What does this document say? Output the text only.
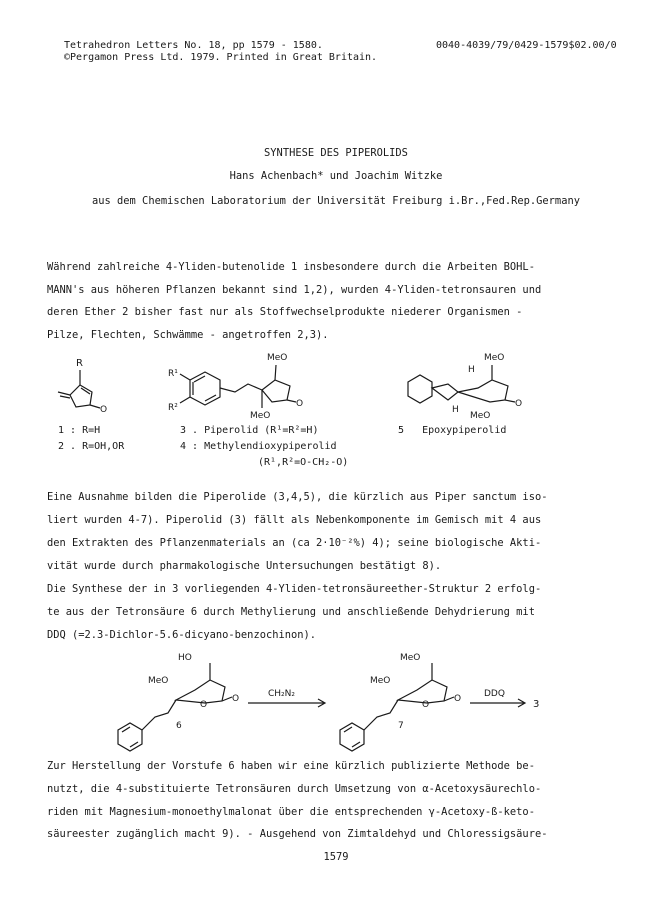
Tetrahedron Letters No. 18, pp 1579 - 1580.	0040-4039/79/0429-1579$02.00/0
©Pergamon Press Ltd. 1979. Printed in Great Britain.
SYNTHESE DES PIPEROLIDS
Hans Achenbach* und Joachim Witzke
aus dem Chemischen Laboratorium der Universität Freiburg i.Br.,Fed.Rep.Germany
Während zahlreiche 4-Yliden-butenolide 1 insbesondere durch die Arbeiten BOHL-
MANN's aus höheren Pflanzen bekannt sind 1,2), wurden 4-Yliden-tetronsauren und
deren Ether 2 bisher fast nur als Stoffwechselprodukte niederer Organismen -
Pilze, Flechten, Schwämme - angetroffen 2,3).
R
O
R¹
R²
MeO
MeO
O
MeO
MeO
H
H
O
1 : R=H
2 . R=OH,OR
3 . Piperolid (R¹=R²=H)
4 : Methylendioxypiperolid
(R¹,R²=O-CH₂-O)
5   Epoxypiperolid
Eine Ausnahme bilden die Piperolide (3,4,5), die kürzlich aus Piper sanctum iso-
liert wurden 4-7). Piperolid (3) fällt als Nebenkomponente im Gemisch mit 4 aus
den Extrakten des Pflanzenmaterials an (ca 2·10⁻²%) 4); seine biologische Akti-
vität wurde durch pharmakologische Untersuchungen bestätigt 8).
Die Synthese der in 3 vorliegenden 4-Yliden-tetronsäureether-Struktur 2 erfolg-
te aus der Tetronsäure 6 durch Methylierung und anschließende Dehydrierung mit
DDQ (=2.3-Dichlor-5.6-dicyano-benzochinon).
HO
MeO
O
O
6
CH₂N₂
MeO
MeO
O
O
7
DDQ
3
Zur Herstellung der Vorstufe 6 haben wir eine kürzlich publizierte Methode be-
nutzt, die 4-substituierte Tetronsäuren durch Umsetzung von α-Acetoxysäurechlo-
riden mit Magnesium-monoethylmalonat über die entsprechenden γ-Acetoxy-ß-keto-
säureester zugänglich macht 9). - Ausgehend von Zimtaldehyd und Chloressigsäure-
1579
